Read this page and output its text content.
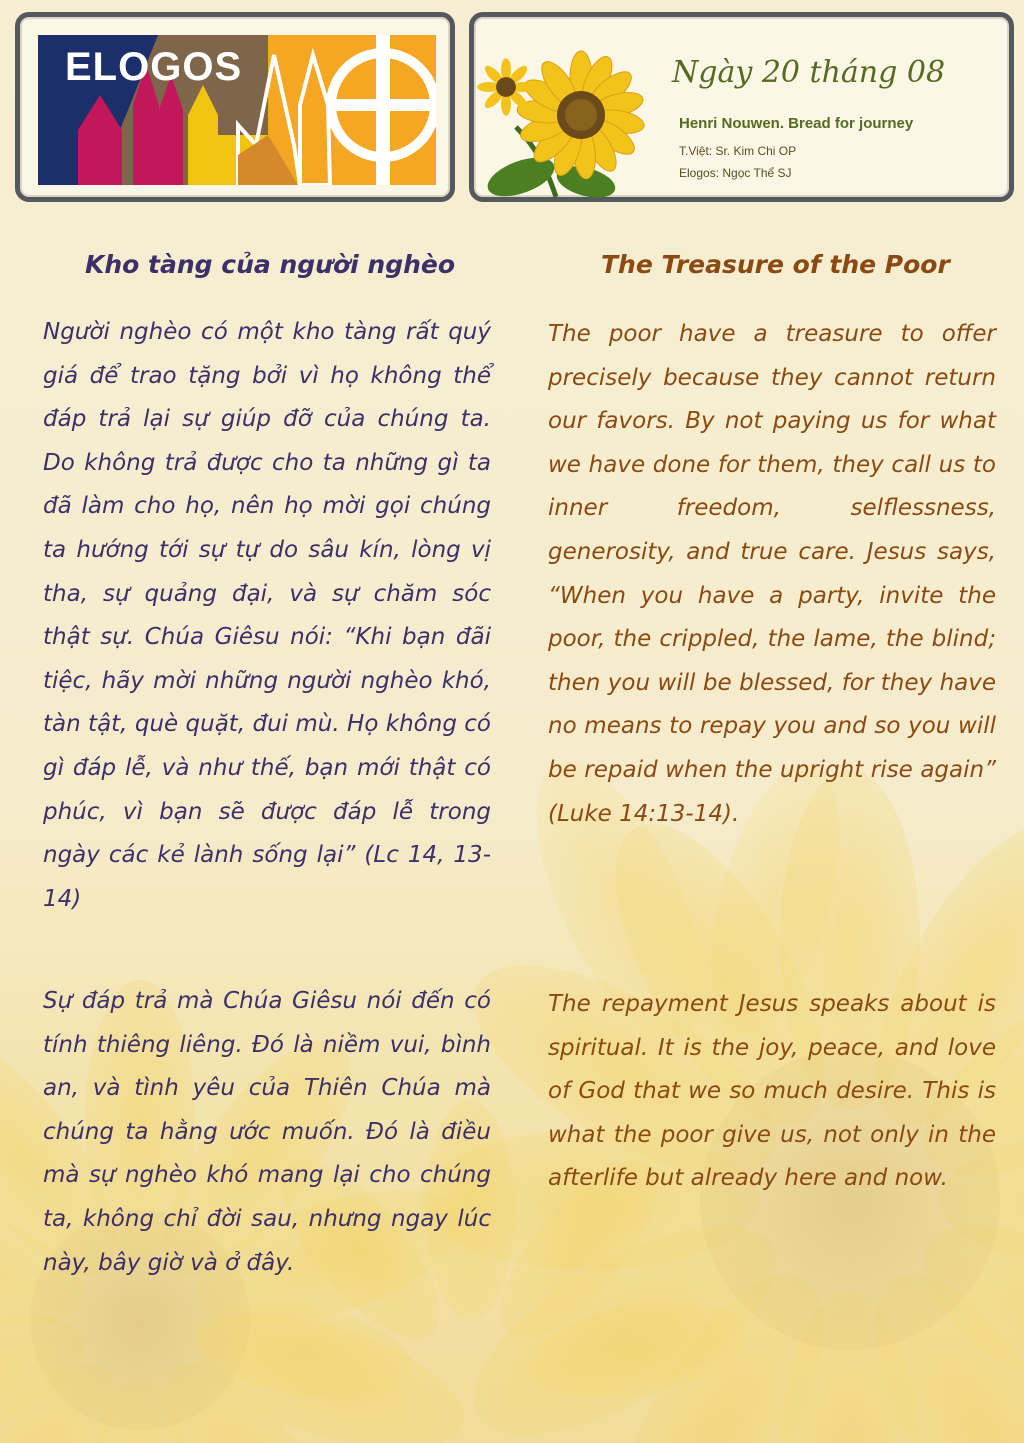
ELOGOS	Ngày 20 tháng 08
Henri Nouwen. Bread for journey
T.Việt: Sr. Kim Chi OP
Elogos: Ngọc Thể SJ
Kho tàng của người nghèo	The Treasure of the Poor

Người nghèo có một kho tàng rất quý giá để trao tặng bởi vì họ không thể đáp trả lại sự giúp đỡ của chúng ta. Do không trả được cho ta những gì ta đã làm cho họ, nên họ mời gọi chúng ta hướng tới sự tự do sâu kín, lòng vị tha, sự quảng đại, và sự chăm sóc thật sự. Chúa Giêsu nói: “Khi bạn đãi tiệc, hãy mời những người nghèo khó, tàn tật, què quặt, đui mù. Họ không có gì đáp lễ, và như thế, bạn mới thật có phúc, vì bạn sẽ được đáp lễ trong ngày các kẻ lành sống lại” (Lc 14, 13-14)

Sự đáp trả mà Chúa Giêsu nói đến có tính thiêng liêng. Đó là niềm vui, bình an, và tình yêu của Thiên Chúa mà chúng ta hằng ước muốn. Đó là điều mà sự nghèo khó mang lại cho chúng ta, không chỉ đời sau, nhưng ngay lúc này, bây giờ và ở đây.

The poor have a treasure to offer precisely because they cannot return our favors. By not paying us for what we have done for them, they call us to inner freedom, selflessness, generosity, and true care. Jesus says, “When you have a party, invite the poor, the crippled, the lame, the blind; then you will be blessed, for they have no means to repay you and so you will be repaid when the upright rise again” (Luke 14:13-14).

The repayment Jesus speaks about is spiritual. It is the joy, peace, and love of God that we so much desire. This is what the poor give us, not only in the afterlife but already here and now.
